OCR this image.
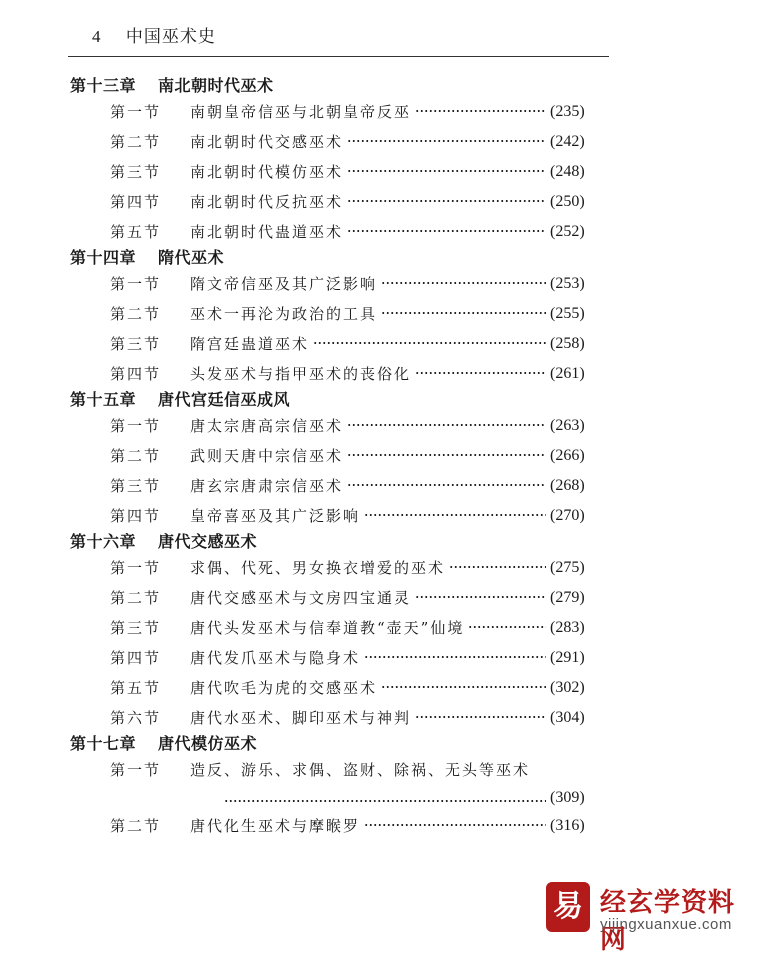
4 中国巫术史
第十三章 南北朝时代巫术
第一节 南朝皇帝信巫与北朝皇帝反巫	(235)
第二节 南北朝时代交感巫术	(242)
第三节 南北朝时代模仿巫术	(248)
第四节 南北朝时代反抗巫术	(250)
第五节 南北朝时代蛊道巫术	(252)
第十四章 隋代巫术
第一节 隋文帝信巫及其广泛影响	(253)
第二节 巫术一再沦为政治的工具	(255)
第三节 隋宫廷蛊道巫术	(258)
第四节 头发巫术与指甲巫术的丧俗化	(261)
第十五章 唐代宫廷信巫成风
第一节 唐太宗唐高宗信巫术	(263)
第二节 武则天唐中宗信巫术	(266)
第三节 唐玄宗唐肃宗信巫术	(268)
第四节 皇帝喜巫及其广泛影响	(270)
第十六章 唐代交感巫术
第一节 求偶、代死、男女换衣增爱的巫术	(275)
第二节 唐代交感巫术与文房四宝通灵	(279)
第三节 唐代头发巫术与信奉道教“壶天”仙境	(283)
第四节 唐代发爪巫术与隐身术	(291)
第五节 唐代吹毛为虎的交感巫术	(302)
第六节 唐代水巫术、脚印巫术与神判	(304)
第十七章 唐代模仿巫术
第一节 造反、游乐、求偶、盗财、除祸、无头等巫术
(309)
第二节 唐代化生巫术与摩睺罗	(316)
易 经玄学资料网
yijingxuanxue.com
